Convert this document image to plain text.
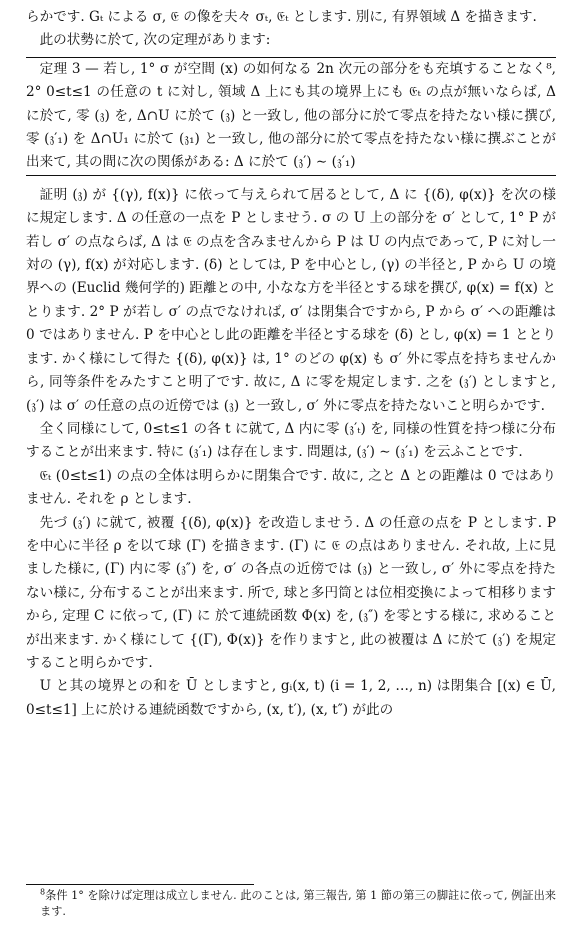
らかです. Gₜ による σ, 𝔈 の像を夫々 σₜ, 𝔈ₜ とします. 別に, 有界領域 Δ を描きます.

此の状勢に於て, 次の定理があります:

定理 3 — 若し, 1° σ が空間 (x) の如何なる 2n 次元の部分をも充填することなく⁸, 2° 0≤t≤1 の任意の t に対し, 領域 Δ 上にも其の境界上にも 𝔈ₜ の点が無いならば, Δ に於て, 零 (𝔷) を, Δ∩U に於て (𝔷) と一致し, 他の部分に於て零点を持たない様に撰び, 零 (𝔷′₁) を Δ∩U₁ に於て (𝔷₁) と一致し, 他の部分に於て零点を持たない様に撰ぶことが出来て, 其の間に次の関係がある: Δ に於て (𝔷′) ∼ (𝔷′₁)

証明 (𝔷) が {(γ), f(x)} に依って与えられて居るとして, Δ に {(δ), φ(x)} を次の様に規定します. Δ の任意の一点を P としませう. σ の U 上の部分を σ′ として, 1° P が若し σ′ の点ならば, Δ は 𝔈 の点を含みませんから P は U の内点であって, P に対し一対の (γ), f(x) が対応します. (δ) としては, P を中心とし, (γ) の半径と, P から U の境界への (Euclid 幾何学的) 距離との中, 小なな方を半径とする球を撰び, φ(x) = f(x) ととります. 2° P が若し σ′ の点でなければ, σ′ は閉集合ですから, P から σ′ への距離は 0 ではありません. P を中心とし此の距離を半径とする球を (δ) とし, φ(x) = 1 ととります. かく様にして得た {(δ), φ(x)} は, 1° のどの φ(x) も σ′ 外に零点を持ちませんから, 同等条件をみたすこと明了です. 故に, Δ に零を規定します. 之を (𝔷′) としますと, (𝔷′) は σ′ の任意の点の近傍では (𝔷) と一致し, σ′ 外に零点を持たないこと明らかです.

全く同様にして, 0≤t≤1 の各 t に就て, Δ 内に零 (𝔷′ₜ) を, 同様の性質を持つ様に分布することが出来ます. 特に (𝔷′₁) は存在します. 問題は, (𝔷′) ∼ (𝔷′₁) を云ふことです.

𝔈ₜ (0≤t≤1) の点の全体は明らかに閉集合です. 故に, 之と Δ との距離は 0 ではありません. それを ρ とします.

先づ (𝔷′) に就て, 被覆 {(δ), φ(x)} を改造しませう. Δ の任意の点を P とします. P を中心に半径 ρ を以て球 (Γ) を描きます. (Γ) に 𝔈 の点はありません. それ故, 上に見ました様に, (Γ) 内に零 (𝔷″) を, σ′ の各点の近傍では (𝔷) と一致し, σ′ 外に零点を持たない様に, 分布することが出来ます. 所で, 球と多円筒とは位相変換によって相移りますから, 定理 C に依って, (Γ) に 於て連続函数 Φ(x) を, (𝔷″) を零とする様に, 求めることが出来ます. かく様にして {(Γ), Φ(x)} を作りますと, 此の被覆は Δ に於て (𝔷′) を規定すること明らかです.

U と其の境界との和を Ū としますと, gᵢ(x, t) (i = 1, 2, …, n) は閉集合 [(x) ∈ Ū, 0≤t≤1] 上に於ける連続函数ですから, (x, t′), (x, t″) が此の

$^8$条件 1° を除けば定理は成立しません. 此のことは, 第三報告, 第 1 節の第三の脚註に依って, 例証出来ます.
